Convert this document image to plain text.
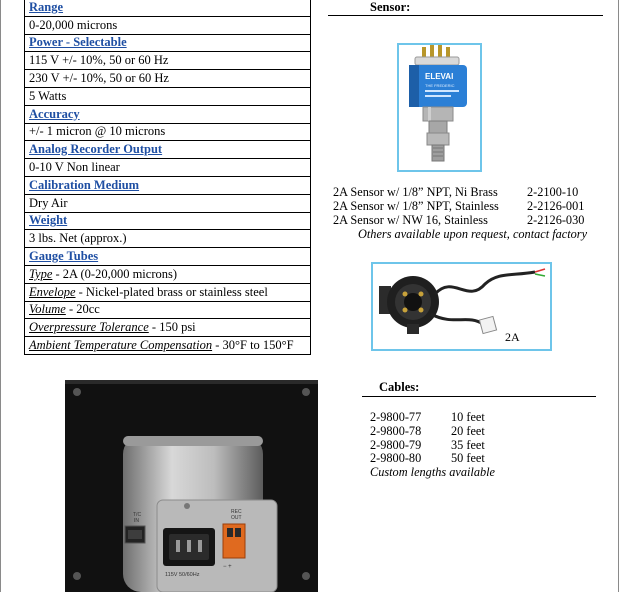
Range
0-20,000 microns
Power - Selectable
115 V +/- 10%, 50 or 60 Hz
230 V +/- 10%, 50 or 60 Hz
5 Watts
Accuracy
+/- 1 micron @ 10 microns
Analog Recorder Output
0-10 V Non linear
Calibration Medium
Dry Air
Weight
3 lbs. Net (approx.)
Gauge Tubes
Type - 2A (0-20,000 microns)
Envelope - Nickel-plated brass or stainless steel
Volume - 20cc
Overpressure Tolerance - 150 psi
Ambient Temperature Compensation - 30°F to 150°F
Sensor:
ELEVAI
THE FREDERIC
2A Sensor w/ 1/8” NPT, Ni Brass 2-2100-10
2A Sensor w/ 1/8” NPT, Stainless 2-2126-001
2A Sensor w/ NW 16, Stainless	2-2126-030
Others available upon request, contact factory
2A
Cables:
2-9800-77 10 feet
2-9800-78 20 feet
2-9800-79 35 feet
2-9800-80 50 feet
Custom lengths available
T/C
IN
REC
OUT
− +
115V 50/60Hz
